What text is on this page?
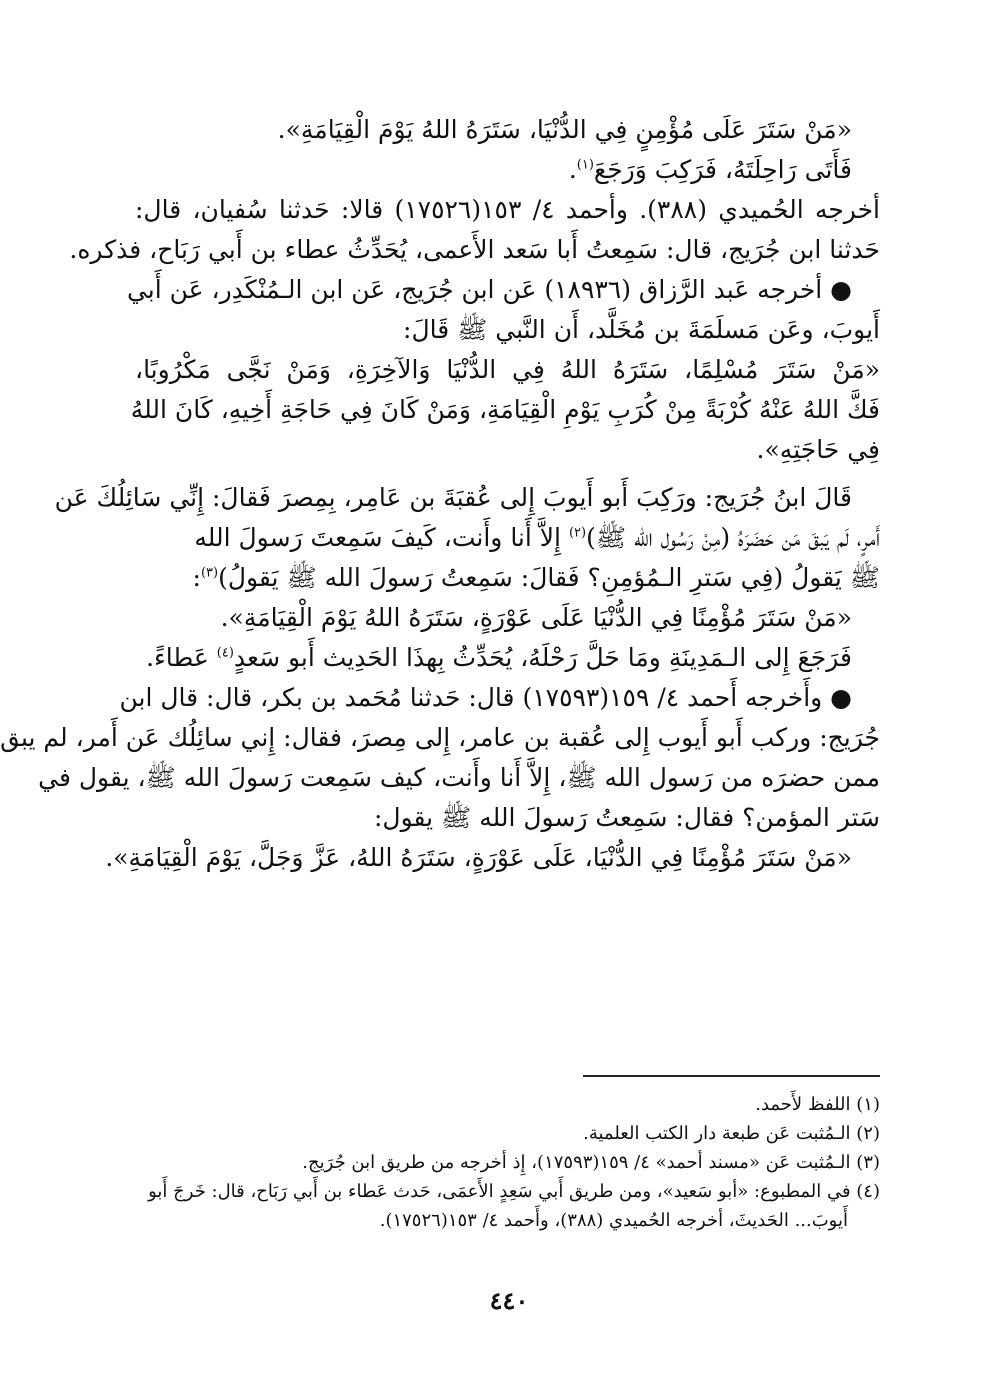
«مَنْ سَتَرَ عَلَى مُؤْمِنٍ فِي الدُّنْيَا، سَتَرَهُ اللهُ يَوْمَ الْقِيَامَةِ».
فَأَتَى رَاحِلَتَهُ، فَرَكِبَ وَرَجَعَ$^{(١)}$.
أخرجه الحُميدي (٣٨٨). وأحمد ٤/ ١٥٣(١٧٥٢٦) قالا: حَدثنا سُفيان، قال:
حَدثنا ابن جُرَيج، قال: سَمِعتُ أَبا سَعد الأَعمى، يُحَدِّثُ عطاء بن أَبي رَبَاح، فذكره.
● أخرجه عَبد الرَّزاق (١٨٩٣٦) عَن ابن جُرَيج، عَن ابن الـمُنْكَدِر، عَن أَبي
أَيوبَ، وعَن مَسلَمَةَ بن مُخَلَّد، أَن النَّبي ﷺ قَالَ:
«مَنْ سَتَرَ مُسْلِمًا، سَتَرَهُ اللهُ فِي الدُّنْيَا وَالآخِرَةِ، وَمَنْ نَجَّى مَكْرُوبًا،
فَكَّ اللهُ عَنْهُ كُرْبَةً مِنْ كُرَبِ يَوْمِ الْقِيَامَةِ، وَمَنْ كَانَ فِي حَاجَةِ أَخِيهِ، كَانَ اللهُ
فِي حَاجَتِهِ».
قَالَ ابنُ جُرَيج: ورَكِبَ أَبو أَيوبَ إِلى عُقبَةَ بن عَامِر، بِمِصرَ فَقالَ: إِنِّي سَائِلُكَ عَن
أَمرٍ، لَم يَبقَ مَن حَضَرَهُ (مِنْ رَسُول الله ﷺ)$^{(٢)}$ إِلاَّ أَنا وأَنت، كَيفَ سَمِعتَ رَسولَ الله
ﷺ يَقولُ (فِي سَترِ الـمُؤمِنِ؟ فَقالَ: سَمِعتُ رَسولَ الله ﷺ يَقولُ)$^{(٣)}$:
«مَنْ سَتَرَ مُؤْمِنًا فِي الدُّنْيَا عَلَى عَوْرَةٍ، سَتَرَهُ اللهُ يَوْمَ الْقِيَامَةِ».
فَرَجَعَ إِلى الـمَدِينَةِ ومَا حَلَّ رَحْلَهُ، يُحَدِّثُ بِهذَا الحَدِيث أَبو سَعدٍ$^{(٤)}$ عَطاءً.
● وأَخرجه أَحمد ٤/ ١٥٩(١٧٥٩٣) قال: حَدثنا مُحَمد بن بكر، قال: قال ابن
جُرَيج: وركب أَبو أَيوب إِلى عُقبة بن عامر، إِلى مِصرَ، فقال: إِني سائِلُك عَن أَمر، لم يبق
ممن حضرَه من رَسول الله ﷺ، إِلاَّ أَنا وأَنت، كيف سَمِعت رَسولَ الله ﷺ، يقول في
سَتر المؤمن؟ فقال: سَمِعتُ رَسولَ الله ﷺ يقول:
«مَنْ سَتَرَ مُؤْمِنًا فِي الدُّنْيَا، عَلَى عَوْرَةٍ، سَتَرَهُ اللهُ، عَزَّ وَجَلَّ، يَوْمَ الْقِيَامَةِ».
(١) اللفظ لأَحمد.
(٢) الـمُثبت عَن طبعة دار الكتب العلمية.
(٣) الـمُثبت عَن «مسند أحمد» ٤/ ١٥٩(١٧٥٩٣)، إِذ أخرجه من طريق ابن جُرَيج.
(٤) في المطبوع: «أبو سَعيد»، ومن طريق أَبي سَعِدٍ الأَعمَى، حَدث عَطاء بن أَبي رَبَاح، قال: خَرجَ أَبو
أَيوبَ... الحَديثَ، أخرجه الحُميدي (٣٨٨)، وأَحمد ٤/ ١٥٣(١٧٥٢٦).
٤٤٠
